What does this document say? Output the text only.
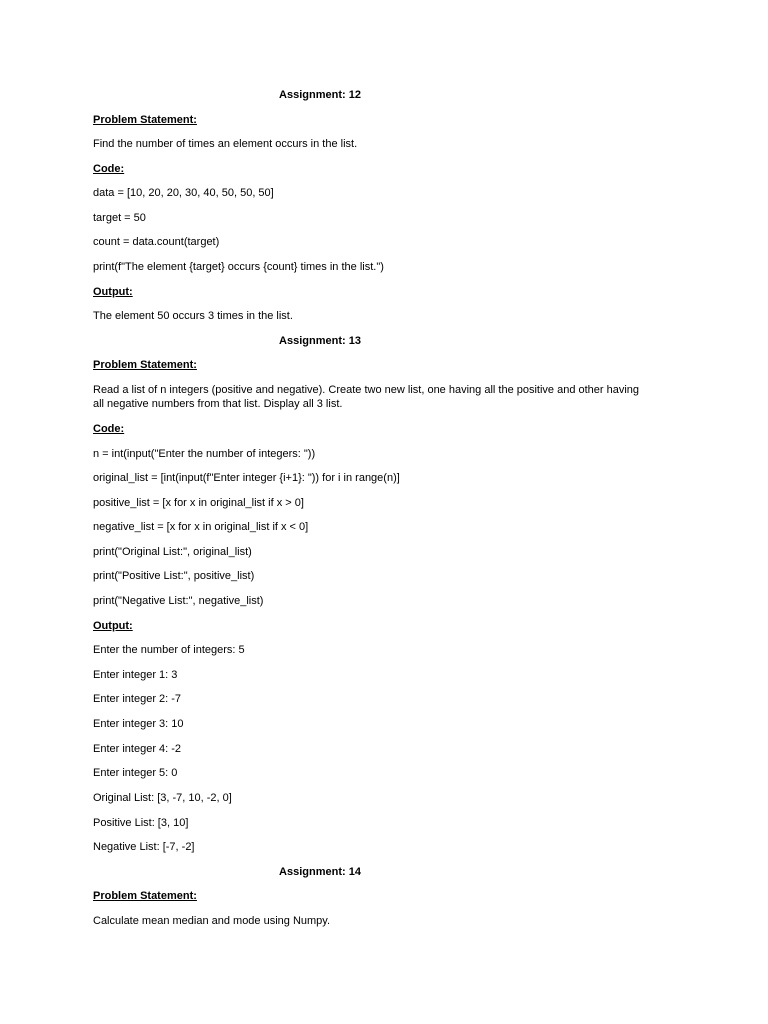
Assignment: 12
Problem Statement:
Find the number of times an element occurs in the list.
Code:
data = [10, 20, 20, 30, 40, 50, 50, 50]
target = 50
count = data.count(target)
print(f"The element {target} occurs {count} times in the list.")
Output:
The element 50 occurs 3 times in the list.
Assignment: 13
Problem Statement:
Read a list of n integers (positive and negative). Create two new list, one having all the positive and other having all negative numbers from that list. Display all 3 list.
Code:
n = int(input("Enter the number of integers: "))
original_list = [int(input(f"Enter integer {i+1}: ")) for i in range(n)]
positive_list = [x for x in original_list if x > 0]
negative_list = [x for x in original_list if x < 0]
print("Original List:", original_list)
print("Positive List:", positive_list)
print("Negative List:", negative_list)
Output:
Enter the number of integers: 5
Enter integer 1: 3
Enter integer 2: -7
Enter integer 3: 10
Enter integer 4: -2
Enter integer 5: 0
Original List: [3, -7, 10, -2, 0]
Positive List: [3, 10]
Negative List: [-7, -2]
Assignment: 14
Problem Statement:
Calculate mean median and mode using Numpy.
